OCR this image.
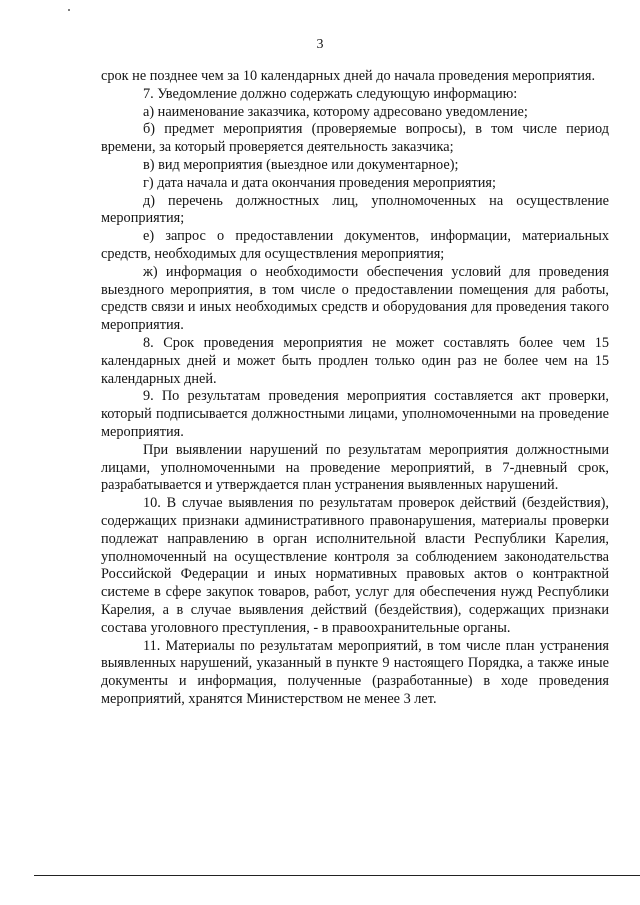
3

срок не позднее чем за 10 календарных дней до начала проведения мероприятия.

7. Уведомление должно содержать следующую информацию:

а) наименование заказчика, которому адресовано уведомление;

б) предмет мероприятия (проверяемые вопросы), в том числе период времени, за который проверяется деятельность заказчика;

в) вид мероприятия (выездное или документарное);

г) дата начала и дата окончания проведения мероприятия;

д) перечень должностных лиц, уполномоченных на осуществление мероприятия;

е) запрос о предоставлении документов, информации, материальных средств, необходимых для осуществления мероприятия;

ж) информация о необходимости обеспечения условий для проведения выездного мероприятия, в том числе о предоставлении помещения для работы, средств связи и иных необходимых средств и оборудования для проведения такого мероприятия.

8. Срок проведения мероприятия не может составлять более чем 15 календарных дней и может быть продлен только один раз не более чем на 15 календарных дней.

9. По результатам проведения мероприятия составляется акт проверки, который подписывается должностными лицами, уполномоченными на проведение мероприятия.

При выявлении нарушений по результатам мероприятия должностными лицами, уполномоченными на проведение мероприятий, в 7-дневный срок, разрабатывается и утверждается план устранения выявленных нарушений.

10. В случае выявления по результатам проверок действий (бездействия), содержащих признаки административного правонарушения, материалы проверки подлежат направлению в орган исполнительной власти Республики Карелия, уполномоченный на осуществление контроля за соблюдением законодательства Российской Федерации и иных нормативных правовых актов о контрактной системе в сфере закупок товаров, работ, услуг для обеспечения нужд Республики Карелия, а в случае выявления действий (бездействия), содержащих признаки состава уголовного преступления, - в правоохранительные органы.

11. Материалы по результатам мероприятий, в том числе план устранения выявленных нарушений, указанный в пункте 9 настоящего Порядка, а также иные документы и информация, полученные (разработанные) в ходе проведения мероприятий, хранятся Министерством не менее 3 лет.
